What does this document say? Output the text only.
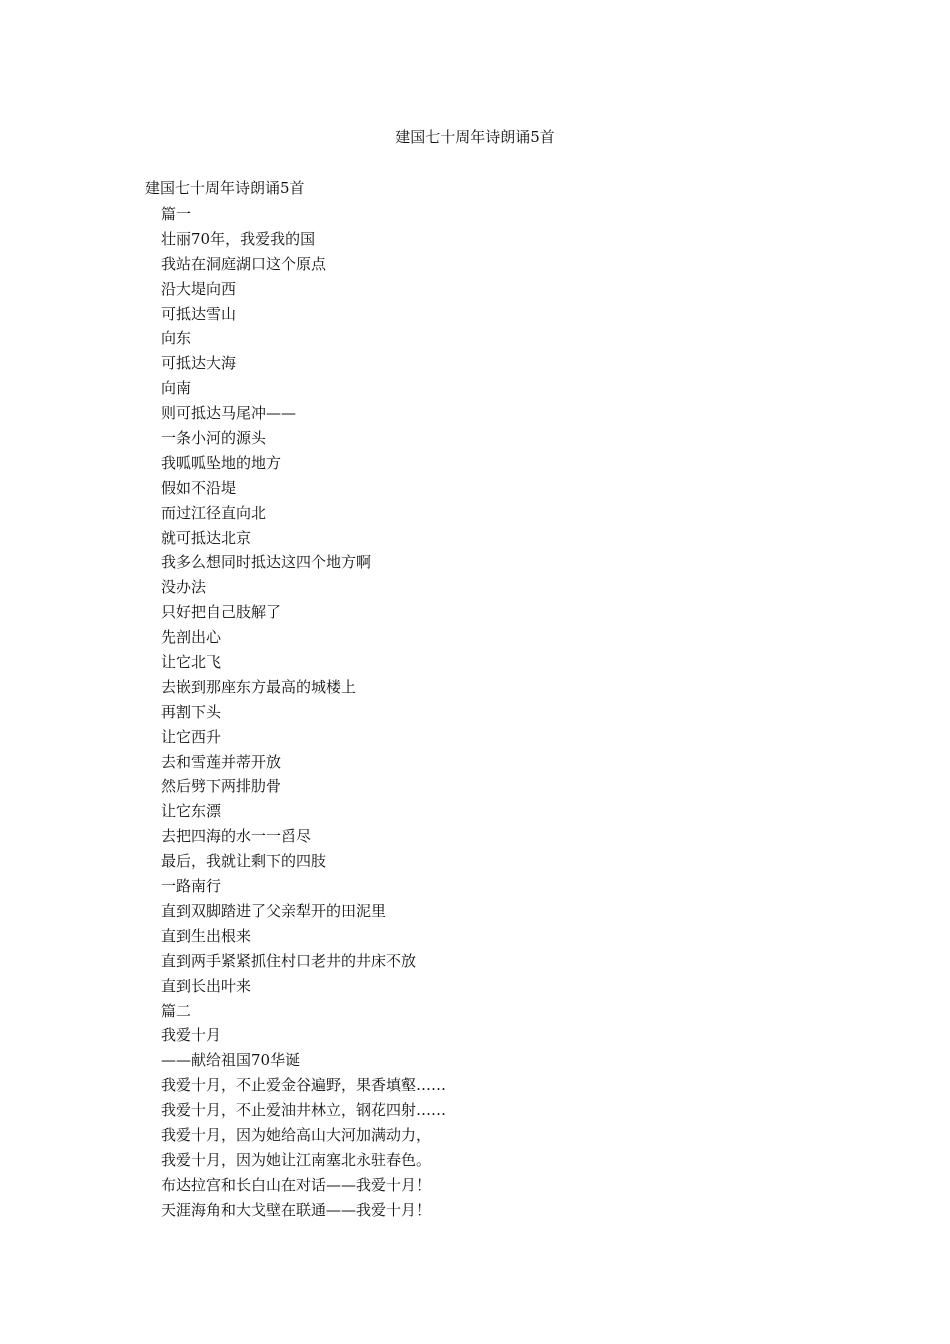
建国七十周年诗朗诵5首
建国七十周年诗朗诵5首
篇一
壮丽70年，我爱我的国
我站在洞庭湖口这个原点
沿大堤向西
可抵达雪山
向东
可抵达大海
向南
则可抵达马尾冲——
一条小河的源头
我呱呱坠地的地方
假如不沿堤
而过江径直向北
就可抵达北京
我多么想同时抵达这四个地方啊
没办法
只好把自己肢解了
先剖出心
让它北飞
去嵌到那座东方最高的城楼上
再割下头
让它西升
去和雪莲并蒂开放
然后劈下两排肋骨
让它东漂
去把四海的水一一舀尽
最后，我就让剩下的四肢
一路南行
直到双脚踏进了父亲犁开的田泥里
直到生出根来
直到两手紧紧抓住村口老井的井床不放
直到长出叶来
篇二
我爱十月
——献给祖国70华诞
我爱十月，不止爱金谷遍野，果香填壑……
我爱十月，不止爱油井林立，钢花四射……
我爱十月，因为她给高山大河加满动力，
我爱十月，因为她让江南塞北永驻春色。
布达拉宫和长白山在对话——我爱十月！
天涯海角和大戈壁在联通——我爱十月！
